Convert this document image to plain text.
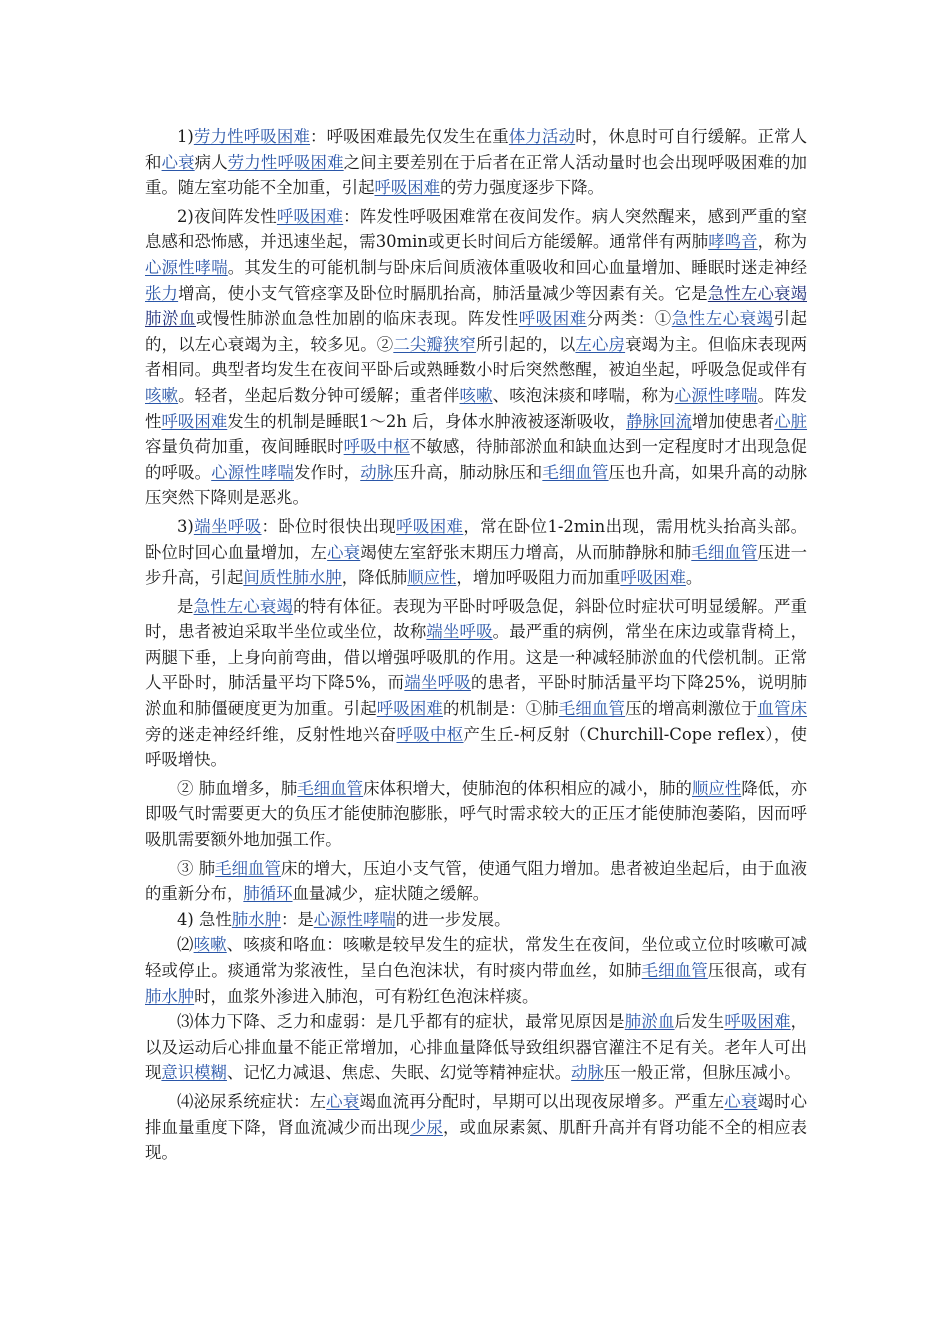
1)劳力性呼吸困难：呼吸困难最先仅发生在重体力活动时，休息时可自行缓解。正常人和心衰病人劳力性呼吸困难之间主要差别在于后者在正常人活动量时也会出现呼吸困难的加重。随左室功能不全加重，引起呼吸困难的劳力强度逐步下降。

2)夜间阵发性呼吸困难：阵发性呼吸困难常在夜间发作。病人突然醒来，感到严重的窒息感和恐怖感，并迅速坐起，需30min或更长时间后方能缓解。通常伴有两肺哮鸣音，称为心源性哮喘。其发生的可能机制与卧床后间质液体重吸收和回心血量增加、睡眠时迷走神经张力增高，使小支气管痉挛及卧位时膈肌抬高，肺活量减少等因素有关。它是急性左心衰竭肺淤血或慢性肺淤血急性加剧的临床表现。阵发性呼吸困难分两类：①急性左心衰竭引起的，以左心衰竭为主，较多见。②二尖瓣狭窄所引起的，以左心房衰竭为主。但临床表现两者相同。典型者均发生在夜间平卧后或熟睡数小时后突然憋醒，被迫坐起，呼吸急促或伴有咳嗽。轻者，坐起后数分钟可缓解；重者伴咳嗽、咳泡沫痰和哮喘，称为心源性哮喘。阵发性呼吸困难发生的机制是睡眠1～2h 后，身体水肿液被逐渐吸收，静脉回流增加使患者心脏容量负荷加重，夜间睡眠时呼吸中枢不敏感，待肺部淤血和缺血达到一定程度时才出现急促的呼吸。心源性哮喘发作时，动脉压升高，肺动脉压和毛细血管压也升高，如果升高的动脉压突然下降则是恶兆。

3)端坐呼吸：卧位时很快出现呼吸困难，常在卧位1-2min出现，需用枕头抬高头部。卧位时回心血量增加，左心衰竭使左室舒张末期压力增高，从而肺静脉和肺毛细血管压进一步升高，引起间质性肺水肿，降低肺顺应性，增加呼吸阻力而加重呼吸困难。

是急性左心衰竭的特有体征。表现为平卧时呼吸急促，斜卧位时症状可明显缓解。严重时，患者被迫采取半坐位或坐位，故称端坐呼吸。最严重的病例，常坐在床边或靠背椅上，两腿下垂，上身向前弯曲，借以增强呼吸肌的作用。这是一种减轻肺淤血的代偿机制。正常人平卧时，肺活量平均下降5%，而端坐呼吸的患者，平卧时肺活量平均下降25%，说明肺淤血和肺僵硬度更为加重。引起呼吸困难的机制是：①肺毛细血管压的增高刺激位于血管床旁的迷走神经纤维，反射性地兴奋呼吸中枢产生丘-柯反射（Churchill-Cope reflex），使呼吸增快。

② 肺血增多，肺毛细血管床体积增大，使肺泡的体积相应的减小，肺的顺应性降低，亦即吸气时需要更大的负压才能使肺泡膨胀，呼气时需求较大的正压才能使肺泡萎陷，因而呼吸肌需要额外地加强工作。

③ 肺毛细血管床的增大，压迫小支气管，使通气阻力增加。患者被迫坐起后，由于血液的重新分布，肺循环血量减少，症状随之缓解。

4) 急性肺水肿：是心源性哮喘的进一步发展。

⑵咳嗽、咳痰和咯血：咳嗽是较早发生的症状，常发生在夜间，坐位或立位时咳嗽可减轻或停止。痰通常为浆液性，呈白色泡沫状，有时痰内带血丝，如肺毛细血管压很高，或有肺水肿时，血浆外渗进入肺泡，可有粉红色泡沫样痰。

⑶体力下降、乏力和虚弱：是几乎都有的症状，最常见原因是肺淤血后发生呼吸困难，以及运动后心排血量不能正常增加，心排血量降低导致组织器官灌注不足有关。老年人可出现意识模糊、记忆力减退、焦虑、失眠、幻觉等精神症状。动脉压一般正常，但脉压减小。

⑷泌尿系统症状：左心衰竭血流再分配时，早期可以出现夜尿增多。严重左心衰竭时心排血量重度下降，肾血流减少而出现少尿，或血尿素氮、肌酐升高并有肾功能不全的相应表现。
